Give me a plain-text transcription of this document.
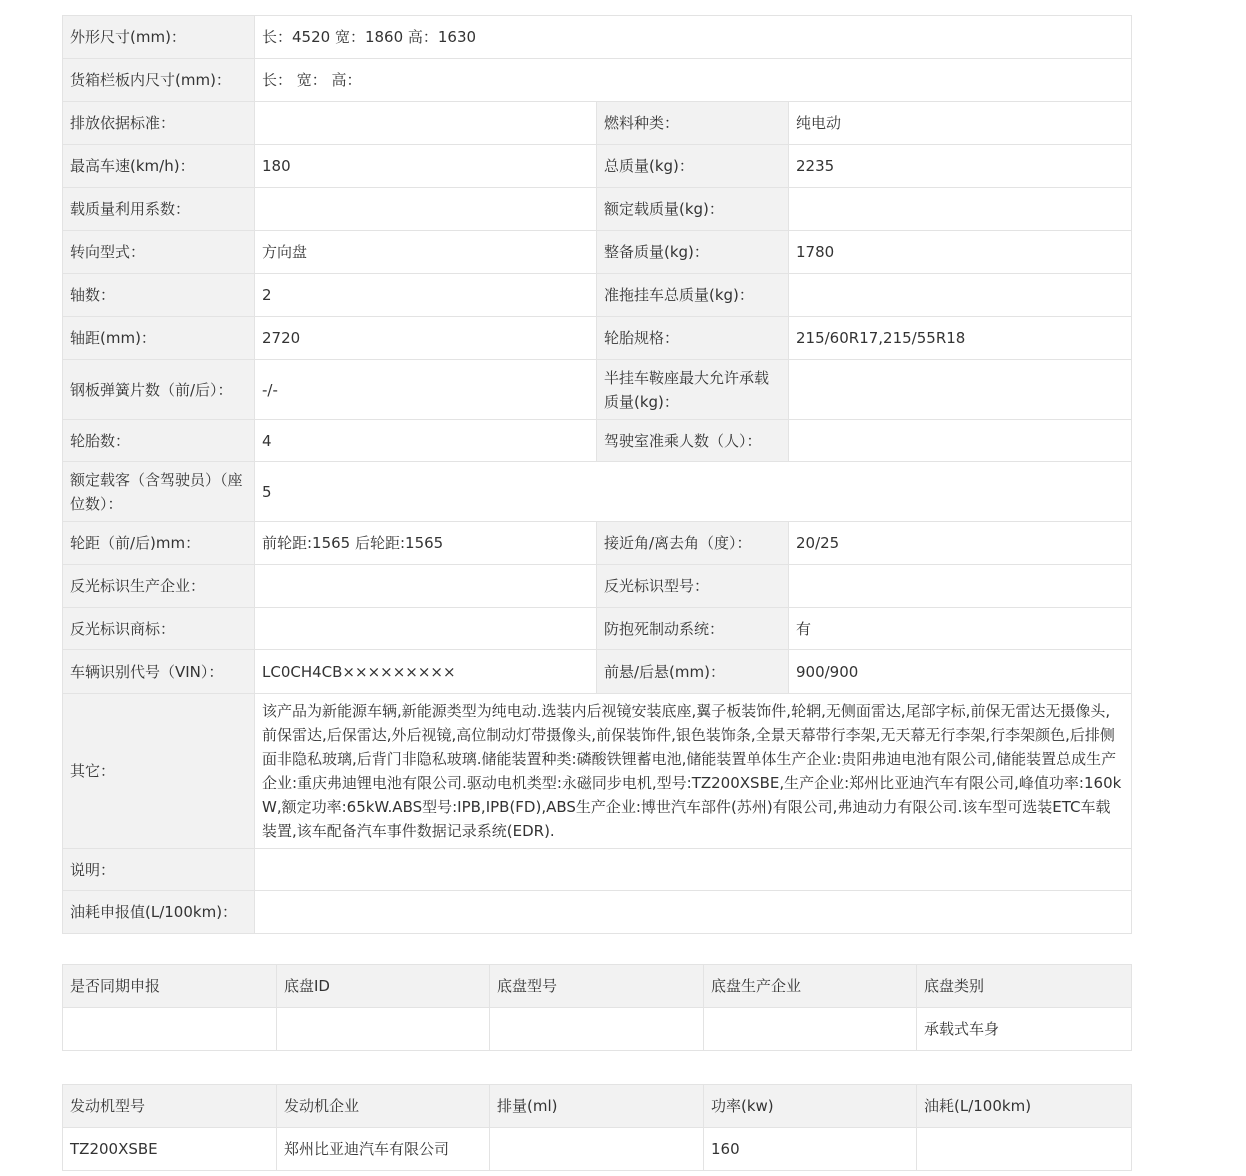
外形尺寸(mm)：	长：4520 宽：1860 高：1630		
货箱栏板内尺寸(mm)：	长： 宽： 高：		
排放依据标准：		燃料种类：	纯电动
最高车速(km/h)：	180	总质量(kg)：	2235
载质量利用系数：		额定载质量(kg)：	
转向型式：	方向盘	整备质量(kg)：	1780
轴数：	2	准拖挂车总质量(kg)：	
轴距(mm)：	2720	轮胎规格：	215/60R17,215/55R18
钢板弹簧片数（前/后）：	-/-	半挂车鞍座最大允许承载质量(kg)：	
轮胎数：	4	驾驶室准乘人数（人）：	
额定载客（含驾驶员）（座位数）：	5		
轮距（前/后)mm：	前轮距:1565 后轮距:1565	接近角/离去角（度）：	20/25
反光标识生产企业：		反光标识型号：	
反光标识商标：		防抱死制动系统：	有
车辆识别代号（VIN）：	LC0CH4CB×××××××××	前悬/后悬(mm)：	900/900
其它：	该产品为新能源车辆,新能源类型为纯电动.选装内后视镜安装底座,翼子板装饰件,轮辋,无侧面雷达,尾部字标,前保无雷达无摄像头,前保雷达,后保雷达,外后视镜,高位制动灯带摄像头,前保装饰件,银色装饰条,全景天幕带行李架,无天幕无行李架,行李架颜色,后排侧面非隐私玻璃,后背门非隐私玻璃.储能装置种类:磷酸铁锂蓄电池,储能装置单体生产企业:贵阳弗迪电池有限公司,储能装置总成生产企业:重庆弗迪锂电池有限公司.驱动电机类型:永磁同步电机,型号:TZ200XSBE,生产企业:郑州比亚迪汽车有限公司,峰值功率:160kW,额定功率:65kW.ABS型号:IPB,IPB(FD),ABS生产企业:博世汽车部件(苏州)有限公司,弗迪动力有限公司.该车型可选装ETC车载装置,该车配备汽车事件数据记录系统(EDR).		
说明：			
油耗申报值(L/100km)：			
是否同期申报	底盘ID	底盘型号	底盘生产企业	底盘类别
				承载式车身
发动机型号	发动机企业	排量(ml)	功率(kw)	油耗(L/100km)
TZ200XSBE	郑州比亚迪汽车有限公司		160	
